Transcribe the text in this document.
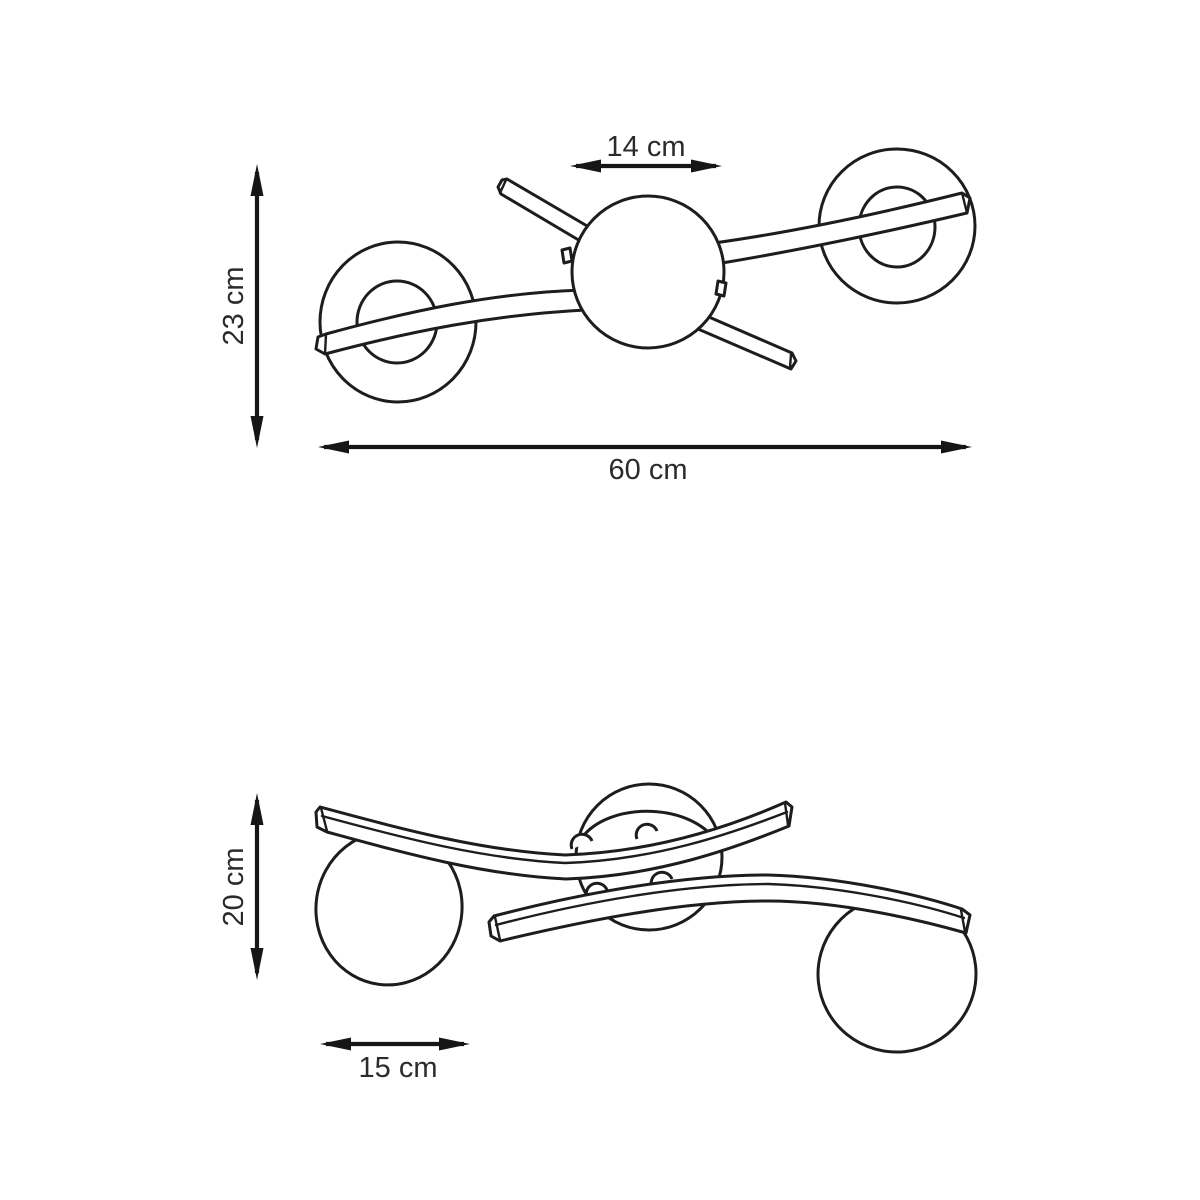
14 cm
23 cm
60 cm
20 cm
15 cm
